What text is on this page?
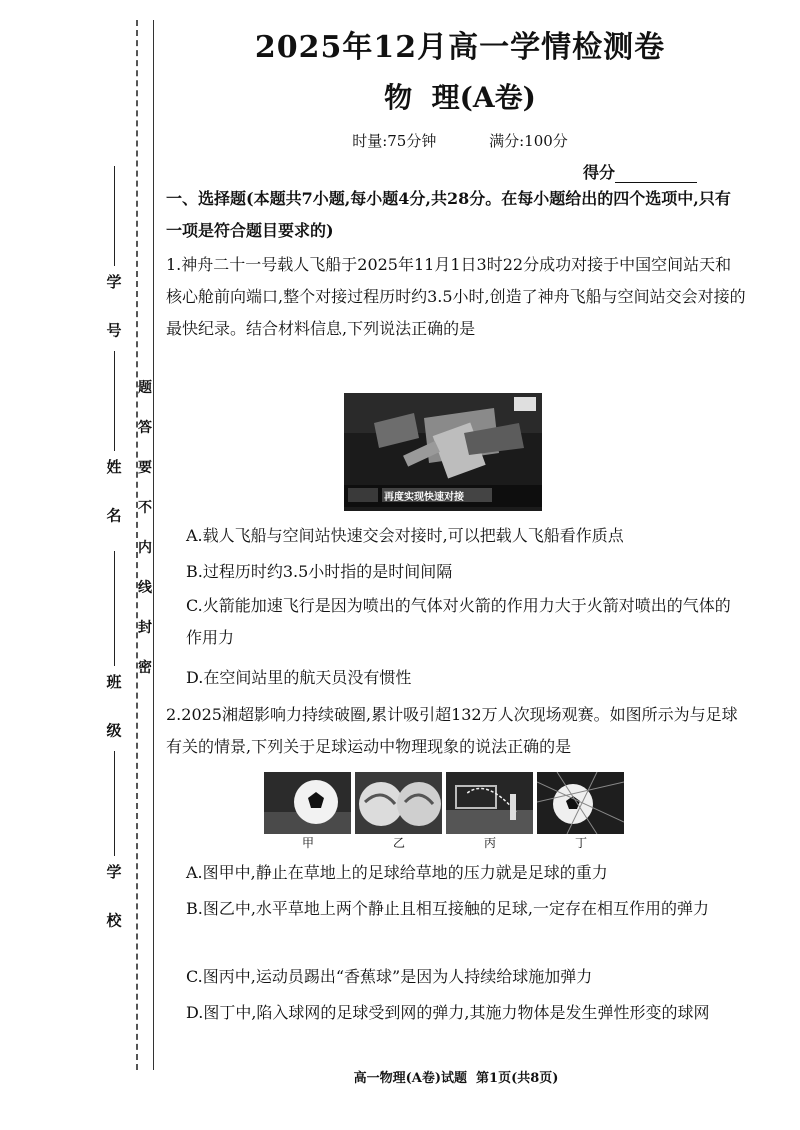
学 号
姓 名
班 级
学 校
题
答
要
不
内
线
封
密
2025年12月高一学情检测卷
物  理(A卷)
时量:75分钟	满分:100分
得分
一、选择题(本题共7小题,每小题4分,共28分。在每小题给出的四个选项中,只有一项是符合题目要求的)
1.神舟二十一号载人飞船于2025年11月1日3时22分成功对接于中国空间站天和核心舱前向端口,整个对接过程历时约3.5小时,创造了神舟飞船与空间站交会对接的最快纪录。结合材料信息,下列说法正确的是
再度实现快速对接
A.载人飞船与空间站快速交会对接时,可以把载人飞船看作质点
B.过程历时约3.5小时指的是时间间隔
C.火箭能加速飞行是因为喷出的气体对火箭的作用力大于火箭对喷出的气体的作用力
D.在空间站里的航天员没有惯性
2.2025湘超影响力持续破圈,累计吸引超132万人次现场观赛。如图所示为与足球有关的情景,下列关于足球运动中物理现象的说法正确的是
甲	乙	丙	丁
A.图甲中,静止在草地上的足球给草地的压力就是足球的重力
B.图乙中,水平草地上两个静止且相互接触的足球,一定存在相互作用的弹力
C.图丙中,运动员踢出“香蕉球”是因为人持续给球施加弹力
D.图丁中,陷入球网的足球受到网的弹力,其施力物体是发生弹性形变的球网
高一物理(A卷)试题  第1页(共8页)
